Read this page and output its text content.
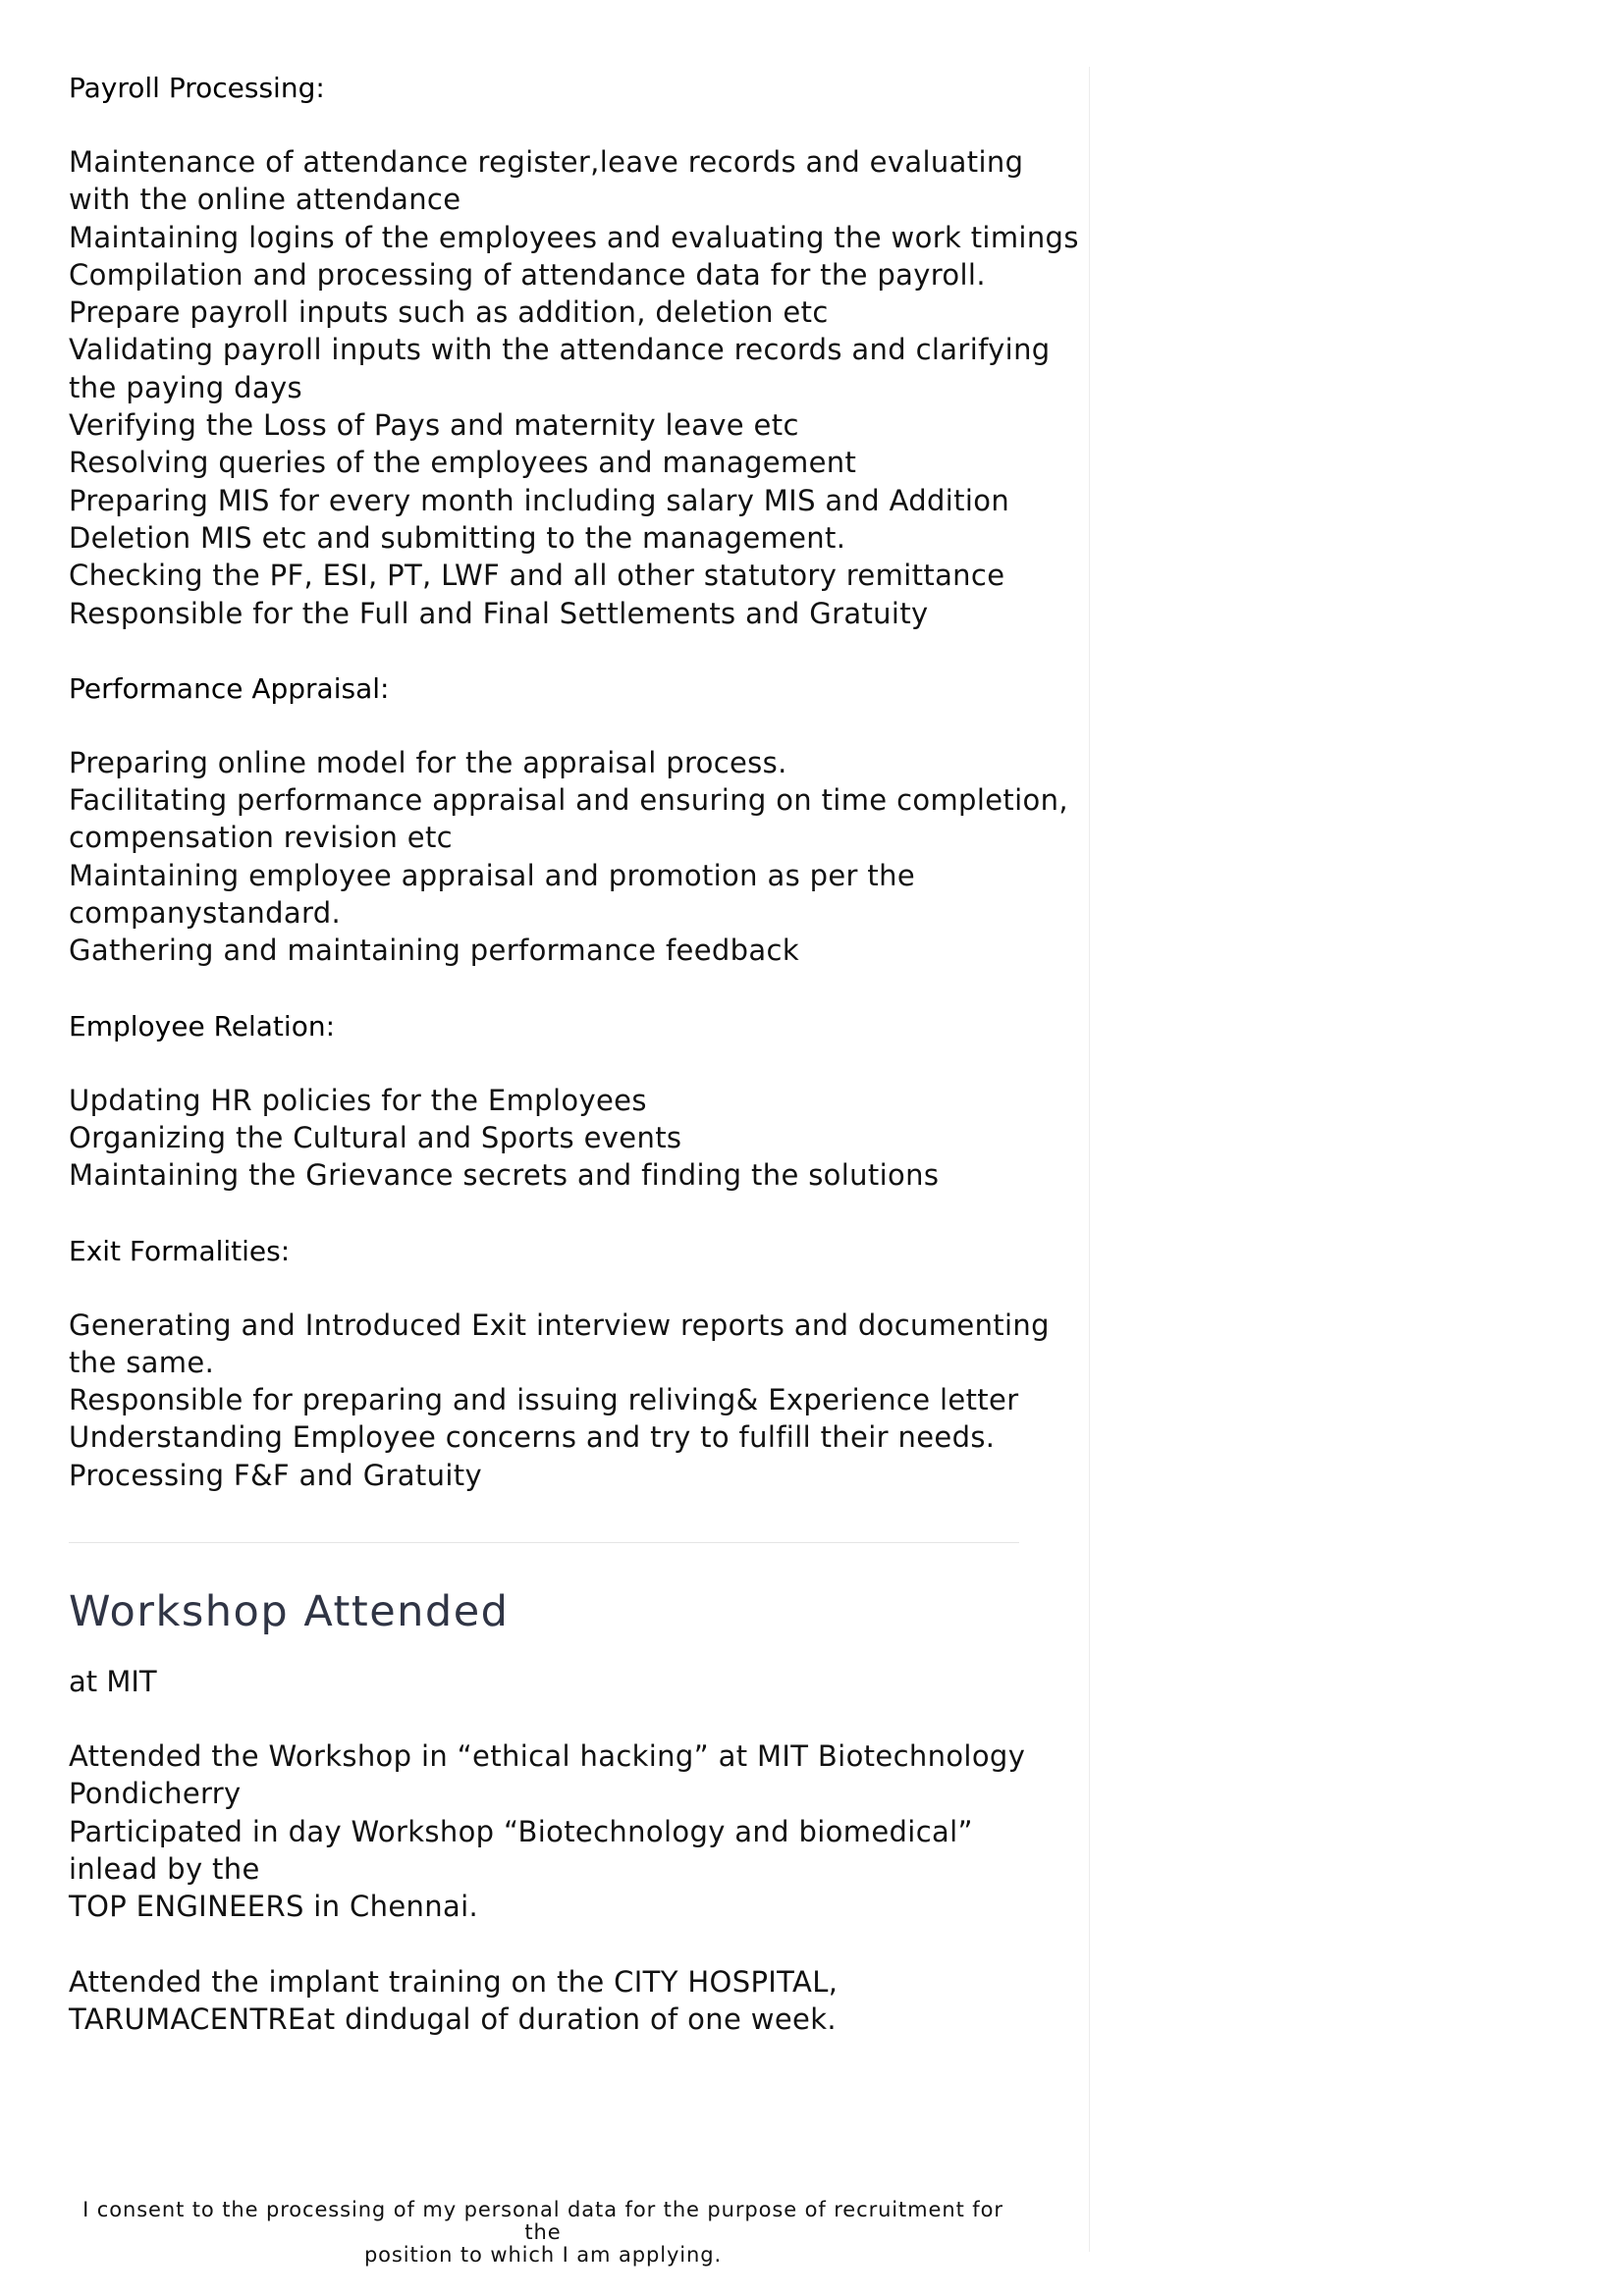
Payroll Processing:
Maintenance of attendance register,leave records and evaluating
with the online attendance
Maintaining logins of the employees and evaluating the work timings
Compilation and processing of attendance data for the payroll.
Prepare payroll inputs such as addition, deletion etc
Validating payroll inputs with the attendance records and clarifying
the paying days
Verifying the Loss of Pays and maternity leave etc
Resolving queries of the employees and management
Preparing MIS for every month including salary MIS and Addition
Deletion MIS etc and submitting to the management.
Checking the PF, ESI, PT, LWF and all other statutory remittance
Responsible for the Full and Final Settlements and Gratuity
Performance Appraisal:
Preparing online model for the appraisal process.
Facilitating performance appraisal and ensuring on time completion,
compensation revision etc
Maintaining employee appraisal and promotion as per the
companystandard.
Gathering and maintaining performance feedback
Employee Relation:
Updating HR policies for the Employees
Organizing the Cultural and Sports events
Maintaining the Grievance secrets and finding the solutions
Exit Formalities:
Generating and Introduced Exit interview reports and documenting
the same.
Responsible for preparing and issuing reliving& Experience letter
Understanding Employee concerns and try to fulfill their needs.
Processing F&F and Gratuity
Workshop Attended
at MIT
Attended the Workshop in “ethical hacking” at MIT Biotechnology
Pondicherry
Participated in day Workshop “Biotechnology and biomedical”
inlead by the
TOP ENGINEERS in Chennai.
Attended the implant training on the CITY HOSPITAL,
TARUMACENTREat dindugal of duration of one week.
I consent to the processing of my personal data for the purpose of recruitment for the
position to which I am applying.
